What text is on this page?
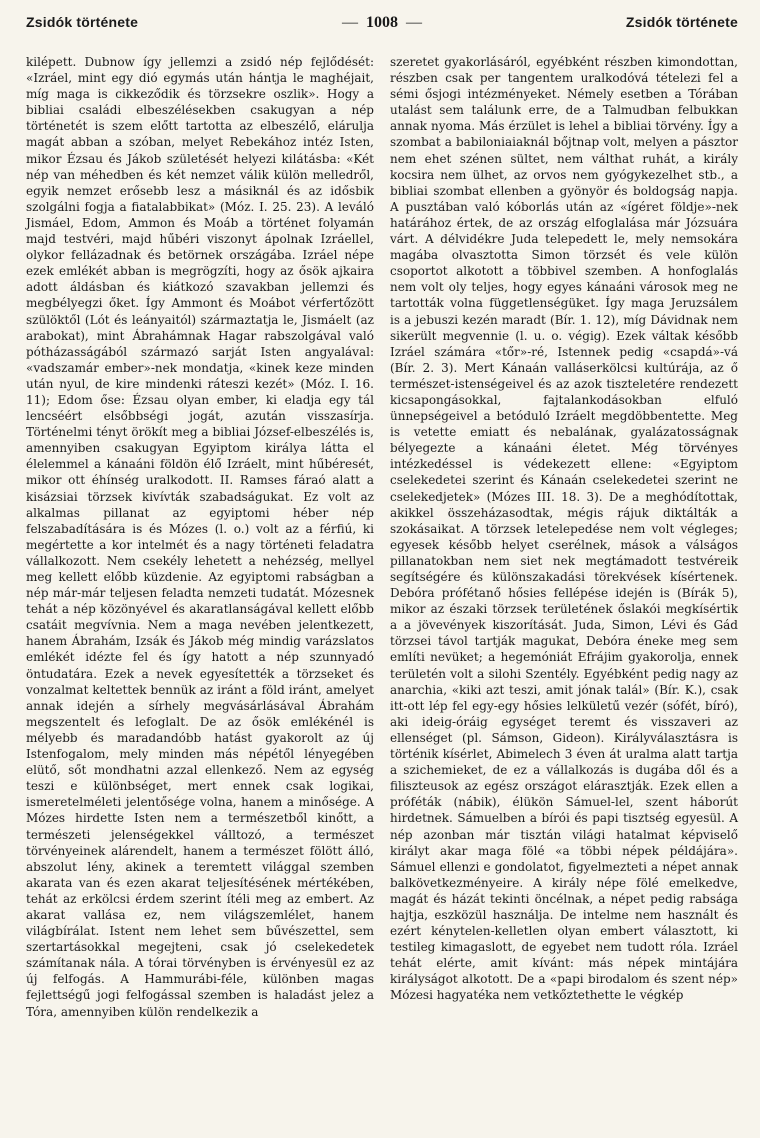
Zsidók története	— 1008 —	Zsidók története

kilépett. Dubnow így jellemzi a zsidó nép fejlődését: «Izráel, mint egy dió egymás után hántja le maghéjait, míg maga is cikkeződik és törzsekre oszlik». Hogy a bibliai családi elbeszélésekben csakugyan a nép történetét is szem előtt tartotta az elbeszélő, elárulja magát abban a szóban, melyet Rebekához intéz Isten, mikor Ézsau és Jákob születését helyezi kilátásba: «Két nép van méhedben és két nemzet válik külön melledről, egyik nemzet erősebb lesz a másiknál és az idősbik szolgálni fogja a fiatalabbikat» (Móz. I. 25. 23). A leváló Jismáel, Edom, Ammon és Moáb a történet folyamán majd testvéri, majd hűbéri viszonyt ápolnak Izráellel, olykor fellázadnak és betörnek országába. Izráel népe ezek emlékét abban is megrögzíti, hogy az ősök ajkaira adott áldásban és kiátkozó szavakban jellemzi és megbélyegzi őket. Így Ammont és Moábot vérfertőzött szülöktől (Lót és leányaitól) származtatja le, Jismáelt (az arabokat), mint Ábrahámnak Hagar rabszolgával való pótházasságából származó sarját Isten angyalával: «vadszamár ember»-nek mondatja, «kinek keze minden után nyul, de kire mindenki ráteszi kezét» (Móz. I. 16. 11); Edom őse: Ézsau olyan ember, ki eladja egy tál lencséért elsőbbségi jogát, azután visszasírja. Történelmi tényt örökít meg a bibliai József-elbeszélés is, amennyiben csakugyan Egyiptom királya látta el élelemmel a kánaáni földön élő Izráelt, mint hűbéresét, mikor ott éhínség uralkodott. II. Ramses fáraó alatt a kisázsiai törzsek kivívták szabadságukat. Ez volt az alkalmas pillanat az egyiptomi héber nép felszabadítására is és Mózes (l. o.) volt az a férfiú, ki megértette a kor intelmét és a nagy történeti feladatra vállalkozott. Nem csekély lehetett a nehézség, mellyel meg kellett előbb küzdenie. Az egyiptomi rabságban a nép már-már teljesen feladta nemzeti tudatát. Mózesnek tehát a nép közönyével és akaratlanságával kellett előbb csatáit megvívnia. Nem a maga nevében jelentkezett, hanem Ábrahám, Izsák és Jákob még mindig varázslatos emlékét idézte fel és így hatott a nép szunnyadó öntudatára. Ezek a nevek egyesítették a törzseket és vonzalmat keltettek bennük az iránt a föld iránt, amelyet annak idején a sírhely megvásárlásával Ábrahám megszentelt és lefoglalt. De az ősök emlékénél is mélyebb és maradandóbb hatást gyakorolt az új Istenfogalom, mely minden más népétől lényegében elütő, sőt mondhatni azzal ellenkező. Nem az egység teszi e különbséget, mert ennek csak logikai, ismeretelméleti jelentősége volna, hanem a minősége. A Mózes hirdette Isten nem a természetből kinőtt, a természeti jelenségekkel válltozó, a természet törvényeinek alárendelt, hanem a természet fölött álló, abszolut lény, akinek a teremtett világgal szemben akarata van és ezen akarat teljesítésének mértékében, tehát az erkölcsi érdem szerint ítéli meg az embert. Az akarat vallása ez, nem világszemlélet, hanem világbírálat. Istent nem lehet sem bűvészettel, sem szertartásokkal megejteni, csak jó cselekedetek számítanak nála. A tórai törvényben is érvényesül ez az új felfogás. A Hammurábi-féle, különben magas fejlettségű jogi felfogással szemben is haladást jelez a Tóra, amennyiben külön rendelkezik a

szeretet gyakorlásáról, egyébként részben kimondottan, részben csak per tangentem uralkodóvá tételezi fel a sémi ősjogi intézményeket. Némely esetben a Tórában utalást sem találunk erre, de a Talmudban felbukkan annak nyoma. Más érzület is lehel a bibliai törvény. Így a szombat a babiloniaiaknál bőjtnap volt, melyen a pásztor nem ehet szénen sültet, nem válthat ruhát, a király kocsira nem ülhet, az orvos nem gyógykezelhet stb., a bibliai szombat ellenben a gyönyör és boldogság napja. A pusztában való kóborlás után az «ígéret földje»-nek határához értek, de az ország elfoglalása már Józsuára várt. A délvidékre Juda telepedett le, mely nemsokára magába olvasztotta Simon törzsét és vele külön csoportot alkotott a többivel szemben. A honfoglalás nem volt oly teljes, hogy egyes kánaáni városok meg ne tartották volna függetlenségüket. Így maga Jeruzsálem is a jebuszi kezén maradt (Bír. 1. 12), míg Dávidnak nem sikerült megvennie (l. u. o. végig). Ezek váltak később Izráel számára «tőr»-ré, Istennek pedig «csapdá»-vá (Bír. 2. 3). Mert Kánaán valláserkölcsi kultúrája, az ő természet-istenségeivel és az azok tiszteletére rendezett kicsapongásokkal, fajtalankodásokban elfuló ünnepségeivel a betóduló Izráelt megdöbbentette. Meg is vetette emiatt és nebalának, gyalázatosságnak bélyegezte a kánaáni életet. Még törvényes intézkedéssel is védekezett ellene: «Egyiptom cselekedetei szerint és Kánaán cselekedetei szerint ne cselekedjetek» (Mózes III. 18. 3). De a meghódítottak, akikkel összeházasodtak, mégis rájuk diktálták a szokásaikat. A törzsek letelepedése nem volt végleges; egyesek később helyet cserélnek, mások a válságos pillanatokban nem siet nek megtámadott testvéreik segítségére és különszakadási törekvések kísértenek. Debóra prófétanő hősies fellépése idején is (Bírák 5), mikor az északi törzsek területének őslakói megkísértik a a jövevények kiszorítását. Juda, Simon, Lévi és Gád törzsei távol tartják magukat, Debóra éneke meg sem említi nevüket; a hegemóniát Efrájim gyakorolja, ennek területén volt a silohi Szentély. Egyébként pedig nagy az anarchia, «kiki azt teszi, amit jónak talál» (Bír. K.), csak itt-ott lép fel egy-egy hősies lelkületű vezér (sófét, bíró), aki ideig-óráig egységet teremt és visszaveri az ellenséget (pl. Sámson, Gideon). Királyválasztásra is történik kísérlet, Abimelech 3 éven át uralma alatt tartja a szichemieket, de ez a vállalkozás is dugába dől és a filiszteusok az egész országot elárasztják. Ezek ellen a próféták (nábik), élükön Sámuel-lel, szent háborút hirdetnek. Sámuelben a bírói és papi tisztség egyesül. A nép azonban már tisztán világi hatalmat képviselő királyt akar maga fölé «a többi népek példájára». Sámuel ellenzi e gondolatot, figyelmezteti a népet annak balkövetkezményeire. A király népe fölé emelkedve, magát és házát tekinti öncélnak, a népet pedig rabsága hajtja, eszközül használja. De intelme nem használt és ezért kénytelen-kelletlen olyan embert választott, ki testileg kimagaslott, de egyebet nem tudott róla. Izráel tehát elérte, amit kívánt: más népek mintájára királyságot alkotott. De a «papi birodalom és szent nép» Mózesi hagyatéka nem vetkőztethette le végkép
